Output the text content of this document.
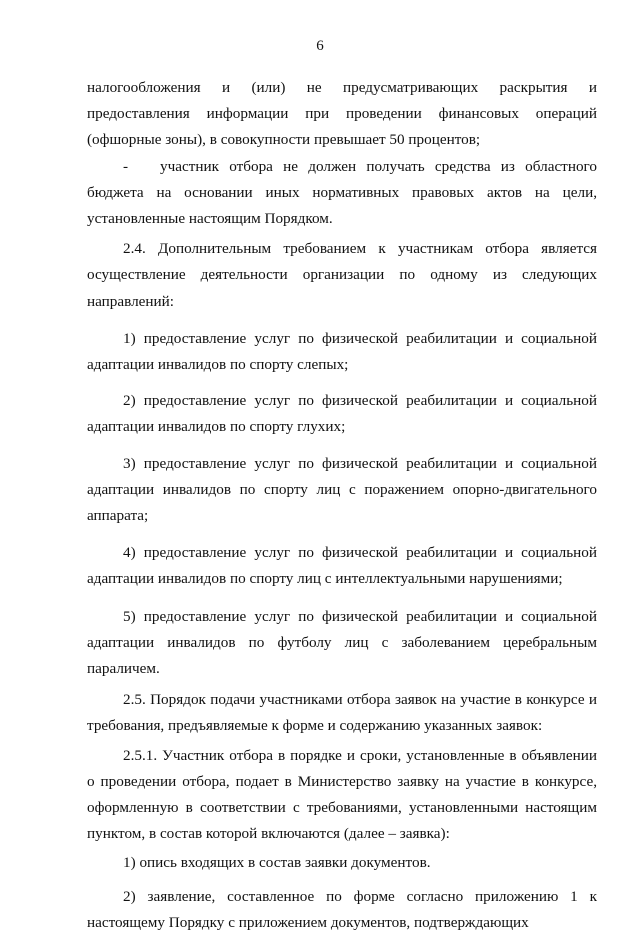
6

налогообложения и (или) не предусматривающих раскрытия и предоставления информации при проведении финансовых операций (офшорные зоны), в совокупности превышает 50 процентов;

- участник отбора не должен получать средства из областного бюджета на основании иных нормативных правовых актов на цели, установленные настоящим Порядком.

2.4. Дополнительным требованием к участникам отбора является осуществление деятельности организации по одному из следующих направлений:

1) предоставление услуг по физической реабилитации и социальной адаптации инвалидов по спорту слепых;

2) предоставление услуг по физической реабилитации и социальной адаптации инвалидов по спорту глухих;

3) предоставление услуг по физической реабилитации и социальной адаптации инвалидов по спорту лиц с поражением опорно-двигательного аппарата;

4) предоставление услуг по физической реабилитации и социальной адаптации инвалидов по спорту лиц с интеллектуальными нарушениями;

5) предоставление услуг по физической реабилитации и социальной адаптации инвалидов по футболу лиц с заболеванием церебральным параличем.

2.5. Порядок подачи участниками отбора заявок на участие в конкурсе и требования, предъявляемые к форме и содержанию указанных заявок:

2.5.1. Участник отбора в порядке и сроки, установленные в объявлении о проведении отбора, подает в Министерство заявку на участие в конкурсе, оформленную в соответствии с требованиями, установленными настоящим пунктом, в состав которой включаются (далее – заявка):

1) опись входящих в состав заявки документов.

2) заявление, составленное по форме согласно приложению 1 к настоящему Порядку с приложением документов, подтверждающих
